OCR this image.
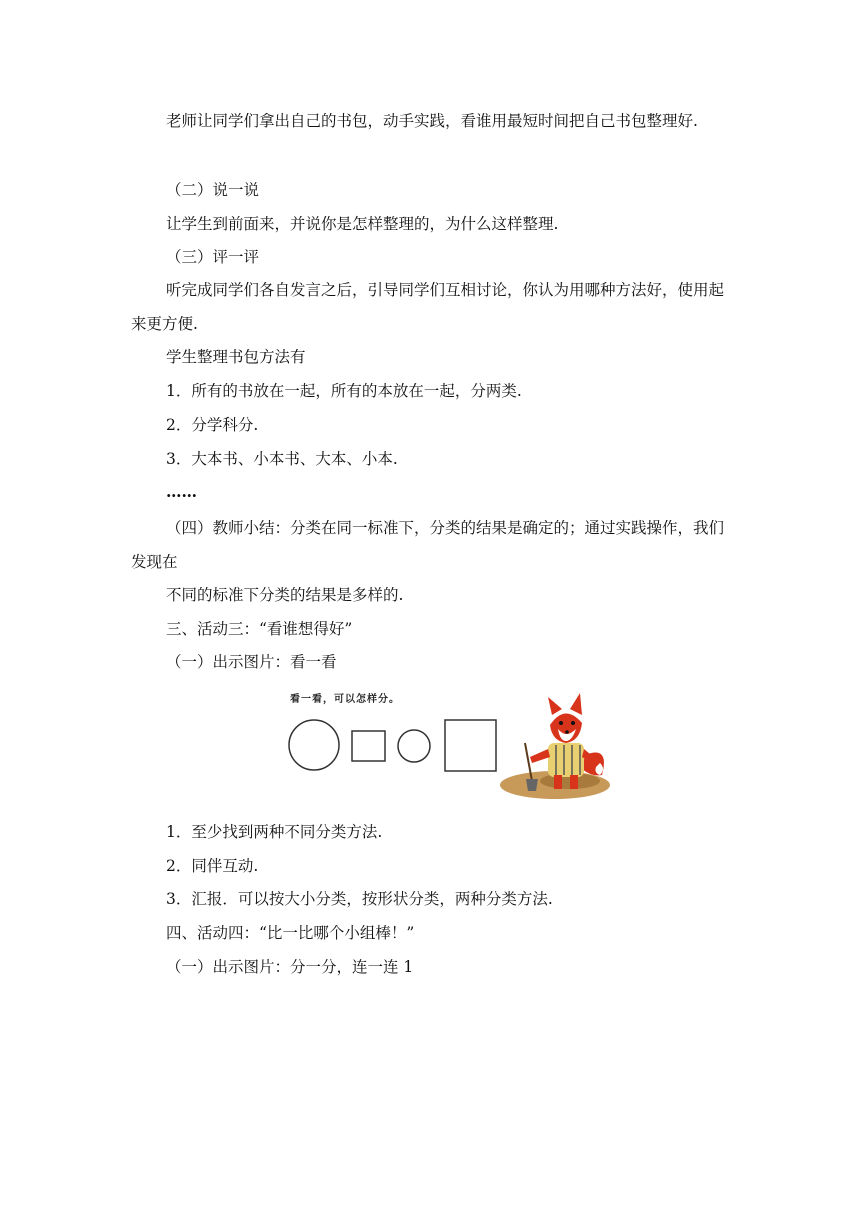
老师让同学们拿出自己的书包，动手实践，看谁用最短时间把自己书包整理好.
（二）说一说
让学生到前面来，并说你是怎样整理的，为什么这样整理.
（三）评一评
听完成同学们各自发言之后，引导同学们互相讨论，你认为用哪种方法好，使用起来更方便.
学生整理书包方法有
1．所有的书放在一起，所有的本放在一起，分两类.
2．分学科分.
3．大本书、小本书、大本、小本.
……
（四）教师小结：分类在同一标准下，分类的结果是确定的；通过实践操作，我们发现在
不同的标准下分类的结果是多样的.
三、活动三：“看谁想得好”
（一）出示图片：看一看
看一看，可以怎样分。
1．至少找到两种不同分类方法.
2．同伴互动.
3．汇报．可以按大小分类，按形状分类，两种分类方法.
四、活动四：“比一比哪个小组棒！”
（一）出示图片：分一分，连一连 1
